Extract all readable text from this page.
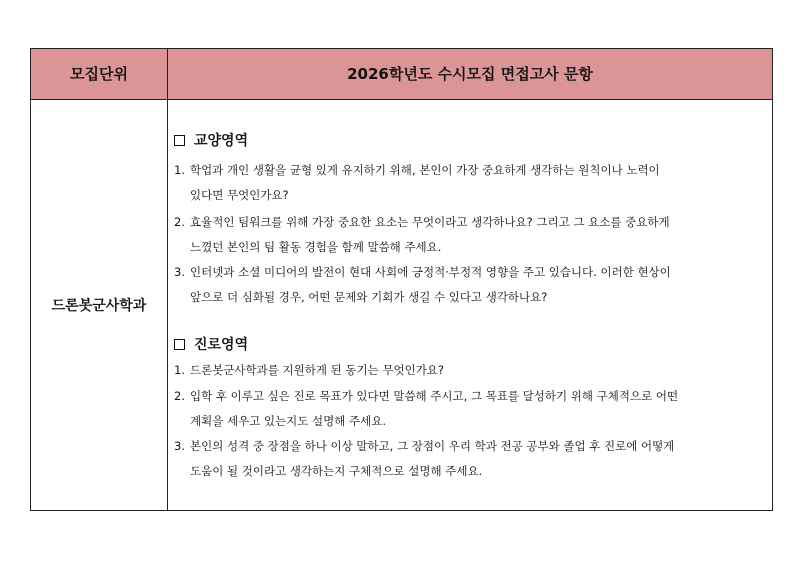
모집단위	2026학년도 수시모집 면접고사 문항
드론봇군사학과
교양영역
1. 학업과 개인 생활을 균형 있게 유지하기 위해, 본인이 가장 중요하게 생각하는 원칙이나 노력이
있다면 무엇인가요?
2. 효율적인 팀워크를 위해 가장 중요한 요소는 무엇이라고 생각하나요? 그리고 그 요소를 중요하게
느꼈던 본인의 팀 활동 경험을 함께 말씀해 주세요.
3. 인터넷과 소셜 미디어의 발전이 현대 사회에 긍정적·부정적 영향을 주고 있습니다. 이러한 현상이
앞으로 더 심화될 경우, 어떤 문제와 기회가 생길 수 있다고 생각하나요?
진로영역
1. 드론봇군사학과를 지원하게 된 동기는 무엇인가요?
2. 입학 후 이루고 싶은 진로 목표가 있다면 말씀해 주시고, 그 목표를 달성하기 위해 구체적으로 어떤
계획을 세우고 있는지도 설명해 주세요.
3. 본인의 성격 중 장점을 하나 이상 말하고, 그 장점이 우리 학과 전공 공부와 졸업 후 진로에 어떻게
도움이 될 것이라고 생각하는지 구체적으로 설명해 주세요.
